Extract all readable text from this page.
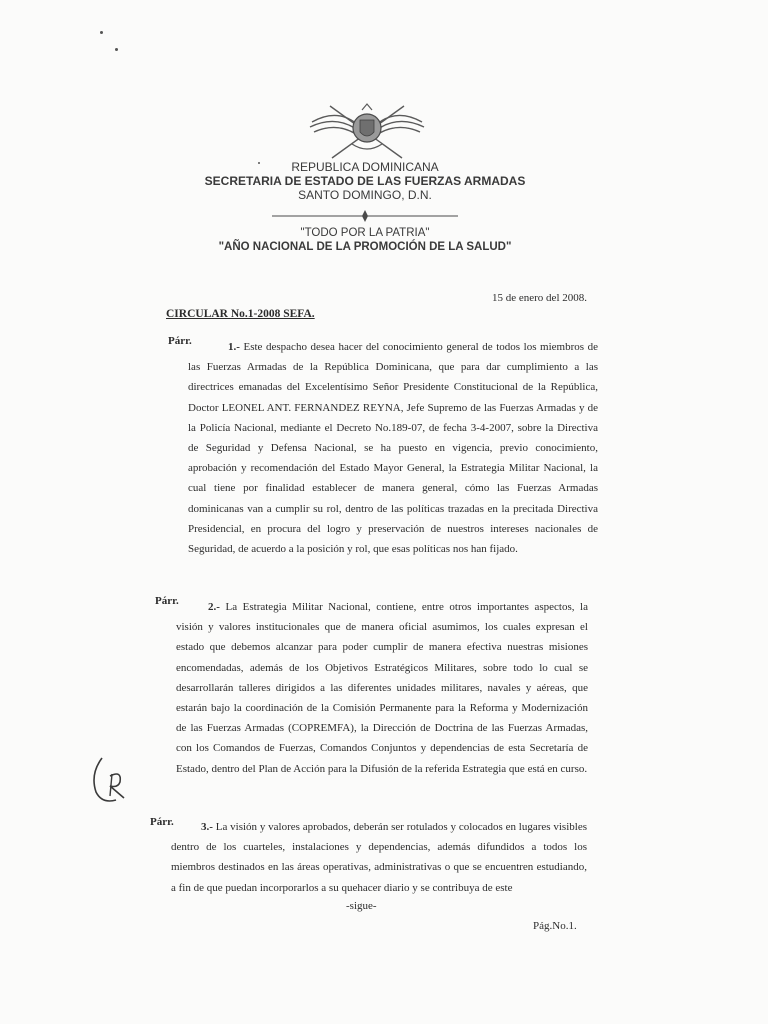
REPUBLICA DOMINICANA
SECRETARIA DE ESTADO DE LAS FUERZAS ARMADAS
SANTO DOMINGO, D.N.
"TODO POR LA PATRIA"
"AÑO NACIONAL DE LA PROMOCIÓN DE LA SALUD"
15 de enero del 2008.
CIRCULAR No.1-2008 SEFA.
Párr.	1.- Este despacho desea hacer del conocimiento general de todos los miembros de las Fuerzas Armadas de la República Dominicana, que para dar cumplimiento a las directrices emanadas del Excelentísimo Señor Presidente Constitucional de la República, Doctor LEONEL ANT. FERNANDEZ REYNA, Jefe Supremo de las Fuerzas Armadas y de la Policía Nacional, mediante el Decreto No.189-07, de fecha 3-4-2007, sobre la Directiva de Seguridad y Defensa Nacional, se ha puesto en vigencia, previo conocimiento, aprobación y recomendación del Estado Mayor General, la Estrategia Militar Nacional, la cual tiene por finalidad establecer de manera general, cómo las Fuerzas Armadas dominicanas van a cumplir su rol, dentro de las políticas trazadas en la precitada Directiva Presidencial, en procura del logro y preservación de nuestros intereses nacionales de Seguridad, de acuerdo a la posición y rol, que esas políticas nos han fijado.
Párr.	2.- La Estrategia Militar Nacional, contiene, entre otros importantes aspectos, la visión y valores institucionales que de manera oficial asumimos, los cuales expresan el estado que debemos alcanzar para poder cumplir de manera efectiva nuestras misiones encomendadas, además de los Objetivos Estratégicos Militares, sobre todo lo cual se desarrollarán talleres dirigidos a las diferentes unidades militares, navales y aéreas, que estarán bajo la coordinación de la Comisión Permanente para la Reforma y Modernización de las Fuerzas Armadas (COPREMFA), la Dirección de Doctrina de las Fuerzas Armadas, con los Comandos de Fuerzas, Comandos Conjuntos y dependencias de esta Secretaría de Estado, dentro del Plan de Acción para la Difusión de la referida Estrategia que está en curso.
Párr.	3.- La visión y valores aprobados, deberán ser rotulados y colocados en lugares visibles dentro de los cuarteles, instalaciones y dependencias, además difundidos a todos los miembros destinados en las áreas operativas, administrativas o que se encuentren estudiando, a fin de que puedan incorporarlos a su quehacer diario y se contribuya de este
-sigue-
Pág.No.1.
